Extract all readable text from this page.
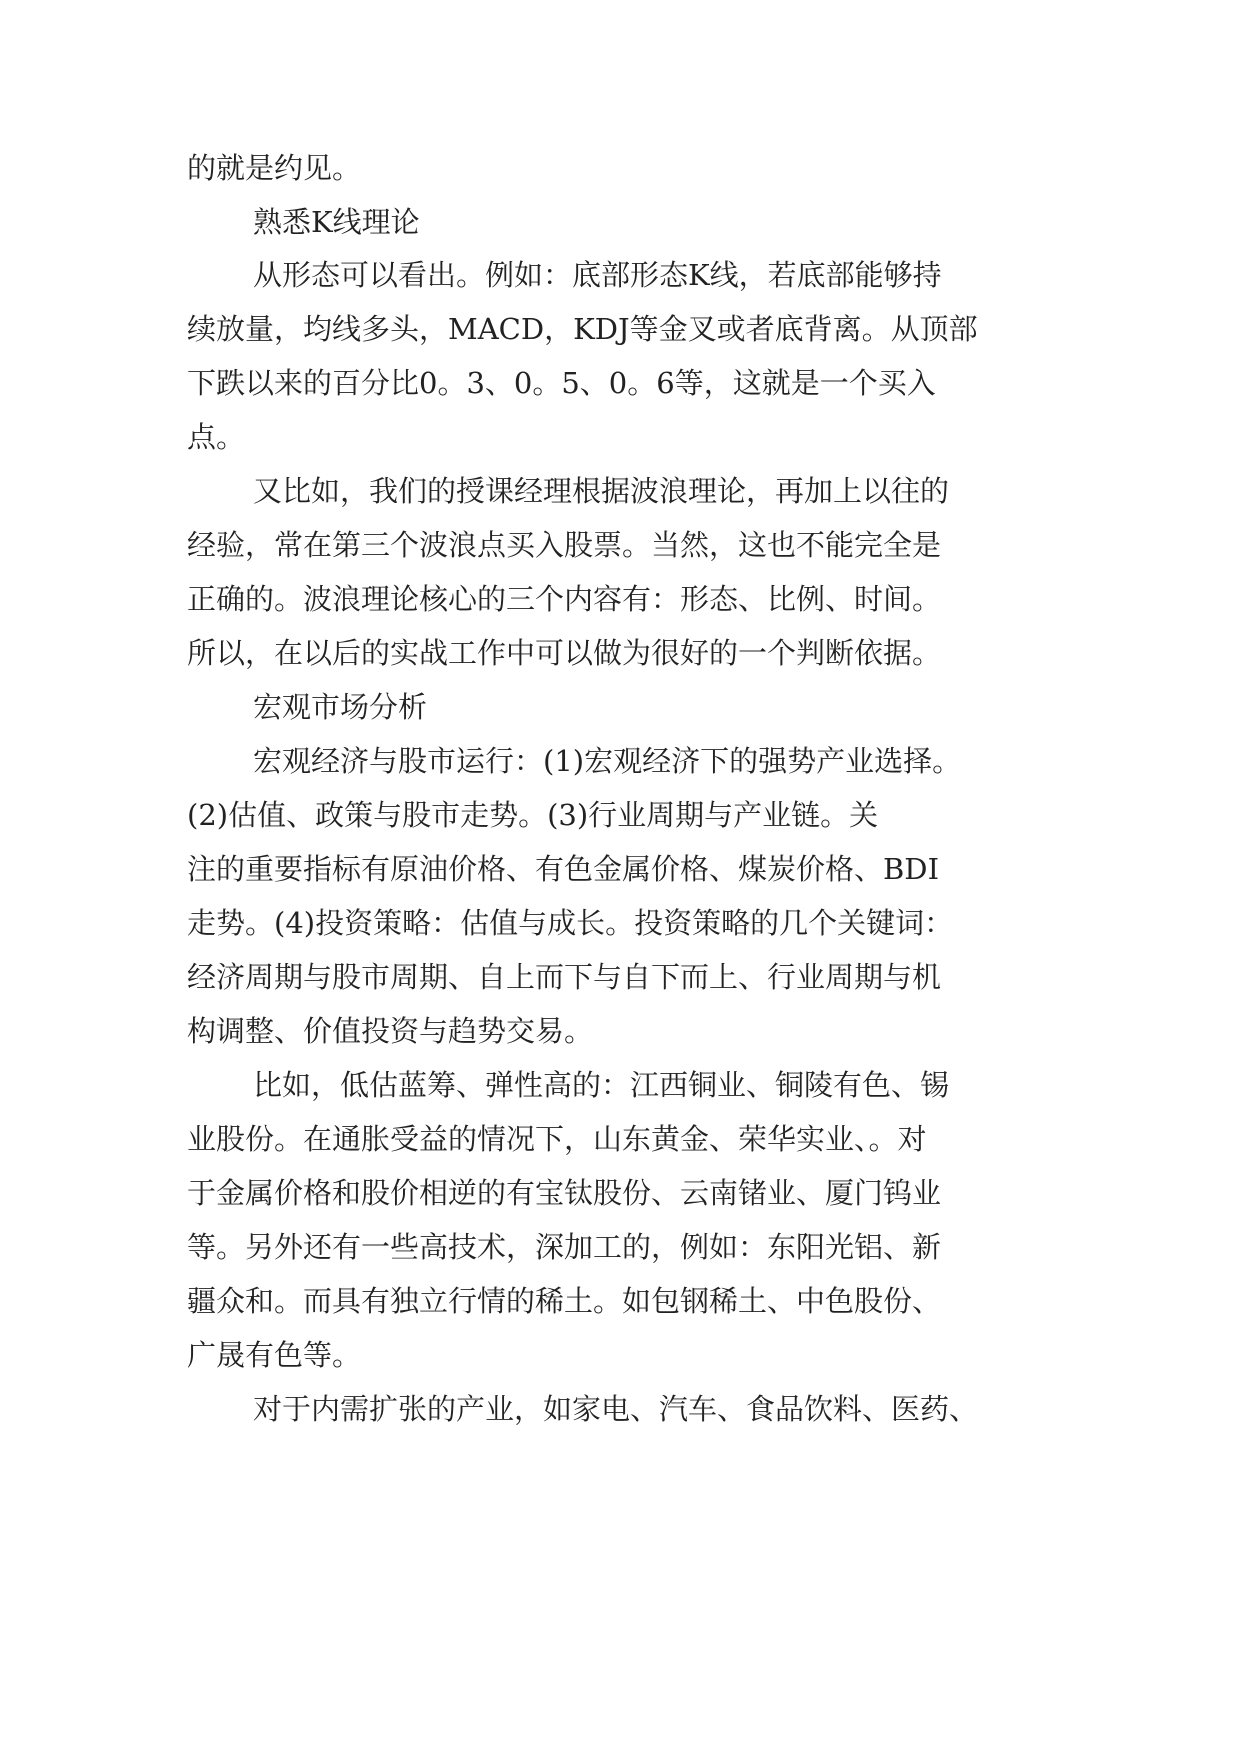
的就是约见。
熟悉K线理论
从形态可以看出。例如：底部形态K线，若底部能够持
续放量，均线多头，MACD，KDJ等金叉或者底背离。从顶部
下跌以来的百分比0。3、0。5、0。6等，这就是一个买入
点。
又比如，我们的授课经理根据波浪理论，再加上以往的
经验，常在第三个波浪点买入股票。当然，这也不能完全是
正确的。波浪理论核心的三个内容有：形态、比例、时间。
所以，在以后的实战工作中可以做为很好的一个判断依据。
宏观市场分析
宏观经济与股市运行：(1)宏观经济下的强势产业选择。
(2)估值、政策与股市走势。(3)行业周期与产业链。关
注的重要指标有原油价格、有色金属价格、煤炭价格、BDI
走势。(4)投资策略：估值与成长。投资策略的几个关键词：
经济周期与股市周期、自上而下与自下而上、行业周期与机
构调整、价值投资与趋势交易。
比如，低估蓝筹、弹性高的：江西铜业、铜陵有色、锡
业股份。在通胀受益的情况下，山东黄金、荣华实业、。对
于金属价格和股价相逆的有宝钛股份、云南锗业、厦门钨业
等。另外还有一些高技术，深加工的，例如：东阳光铝、新
疆众和。而具有独立行情的稀土。如包钢稀土、中色股份、
广晟有色等。
对于内需扩张的产业，如家电、汽车、食品饮料、医药、
